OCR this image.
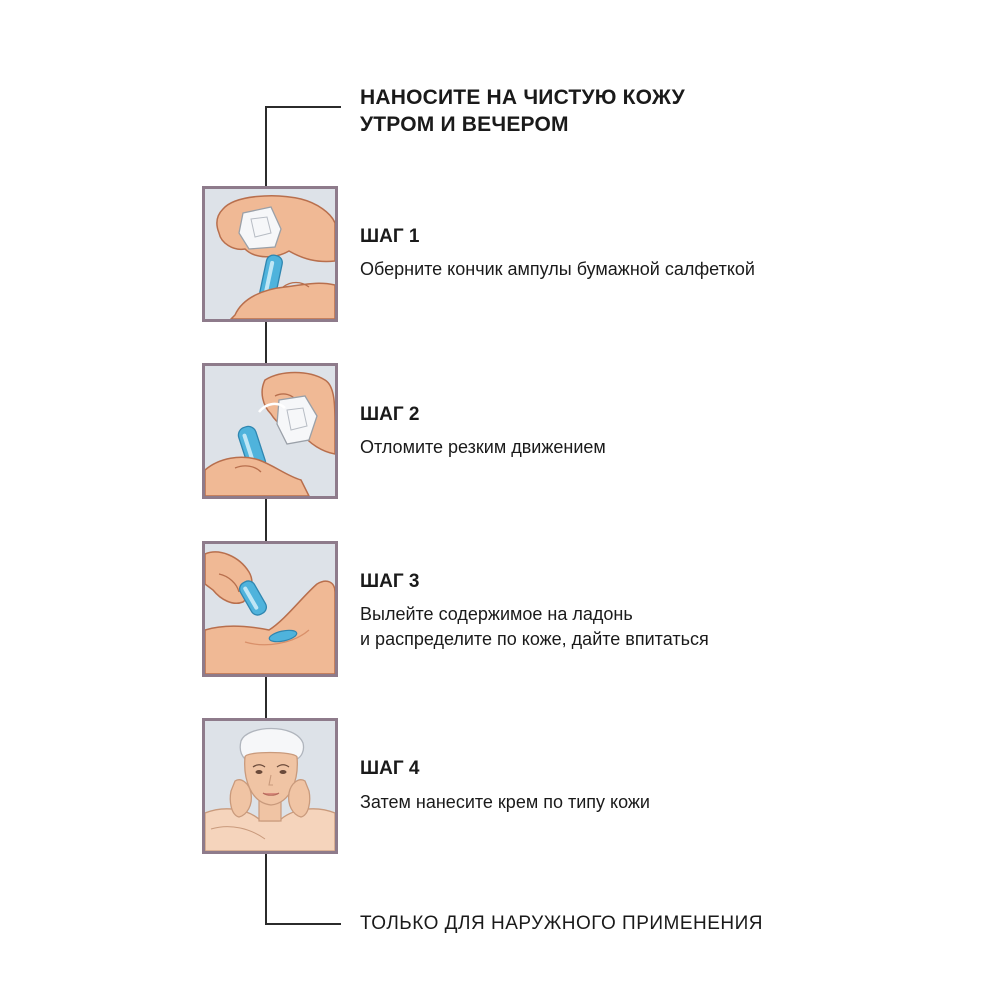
НАНОСИТЕ НА ЧИСТУЮ КОЖУ
УТРОМ И ВЕЧЕРОМ
ШАГ 1
Оберните кончик ампулы бумажной салфеткой
ШАГ 2
Отломите резким движением
ШАГ 3
Вылейте содержимое на ладонь
и распределите по коже, дайте впитаться
ШАГ 4
Затем нанесите крем по типу кожи
ТОЛЬКО ДЛЯ НАРУЖНОГО ПРИМЕНЕНИЯ
